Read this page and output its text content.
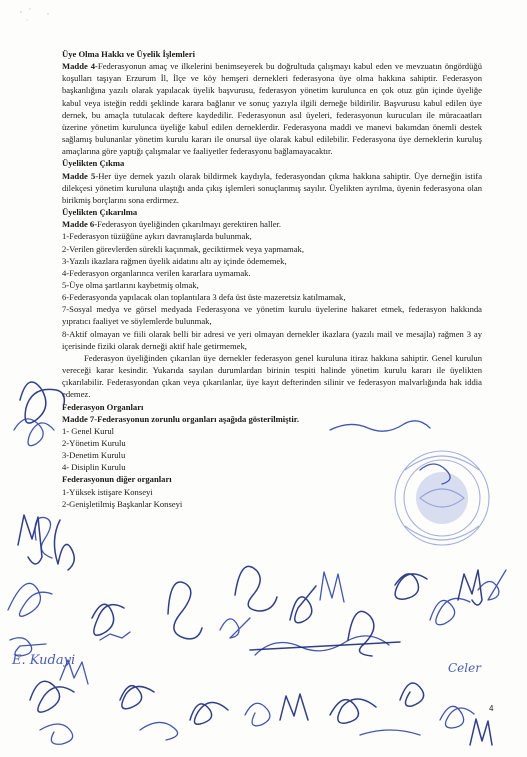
Üye Olma Hakkı ve Üyelik İşlemleri

Madde 4-Federasyonun amaç ve ilkelerini benimseyerek bu doğrultuda çalışmayı kabul eden ve mevzuatın öngördüğü koşulları taşıyan Erzurum İl, İlçe ve köy hemşeri dernekleri federasyona üye olma hakkına sahiptir. Federasyon başkanlığına yazılı olarak yapılacak üyelik başvurusu, federasyon yönetim kurulunca en çok otuz gün içinde üyeliğe kabul veya isteğin reddi şeklinde karara bağlanır ve sonuç yazıyla ilgili derneğe bildirilir. Başvurusu kabul edilen üye dernek, bu amaçla tutulacak deftere kaydedilir. Federasyonun asıl üyeleri, federasyonun kurucuları ile müracaatları üzerine yönetim kurulunca üyeliğe kabul edilen derneklerdir. Federasyona maddi ve manevi bakımdan önemli destek sağlamış bulunanlar yönetim kurulu kararı ile onursal üye olarak kabul edilebilir. Federasyona üye derneklerin kuruluş amaçlarına göre yaptığı çalışmalar ve faaliyetler federasyonu bağlamayacaktır.

Üyelikten Çıkma

Madde 5-Her üye dernek yazılı olarak bildirmek kaydıyla, federasyondan çıkma hakkına sahiptir. Üye derneğin istifa dilekçesi yönetim kuruluna ulaştığı anda çıkış işlemleri sonuçlanmış sayılır. Üyelikten ayrılma, üyenin federasyona olan birikmiş borçlarını sona erdirmez.

Üyelikten Çıkarılma

Madde 6-Federasyon üyeliğinden çıkarılmayı gerektiren haller.

1-Federasyon tüzüğüne aykırı davranışlarda bulunmak,

2-Verilen görevlerden sürekli kaçınmak, geciktirmek veya yapmamak,

3-Yazılı ikazlara rağmen üyelik aidatını altı ay içinde ödememek,

4-Federasyon organlarınca verilen kararlara uymamak.

5-Üye olma şartlarını kaybetmiş olmak,

6-Federasyonda yapılacak olan toplantılara 3 defa üst üste mazeretsiz katılmamak,

7-Sosyal medya ve görsel medyada Federasyona ve yönetim kurulu üyelerine hakaret etmek, federasyon hakkında yıpratıcı faaliyet ve söylemlerde bulunmak,

8-Aktif olmayan ve fiili olarak belli bir adresi ve yeri olmayan dernekler ikazlara (yazılı mail ve mesajla) rağmen 3 ay içerisinde fiziki olarak derneği aktif hale getirmemek,

Federasyon üyeliğinden çıkarılan üye dernekler federasyon genel kuruluna itiraz hakkına sahiptir. Genel kurulun vereceği karar kesindir. Yukarıda sayılan durumlardan birinin tespiti halinde yönetim kurulu kararı ile üyelikten çıkarılabilir. Federasyondan çıkan veya çıkarılanlar, üye kayıt defterinden silinir ve federasyon malvarlığında hak iddia edemez.

Federasyon Organları

Madde 7-Federasyonun zorunlu organları aşağıda gösterilmiştir.

1- Genel Kurul

2-Yönetim Kurulu

3-Denetim Kurulu

4- Disiplin Kurulu

Federasyonun diğer organları

1-Yüksek istişare Konseyi

2-Genişletilmiş Başkanlar Konseyi

4
E. Kudayi	Celer
